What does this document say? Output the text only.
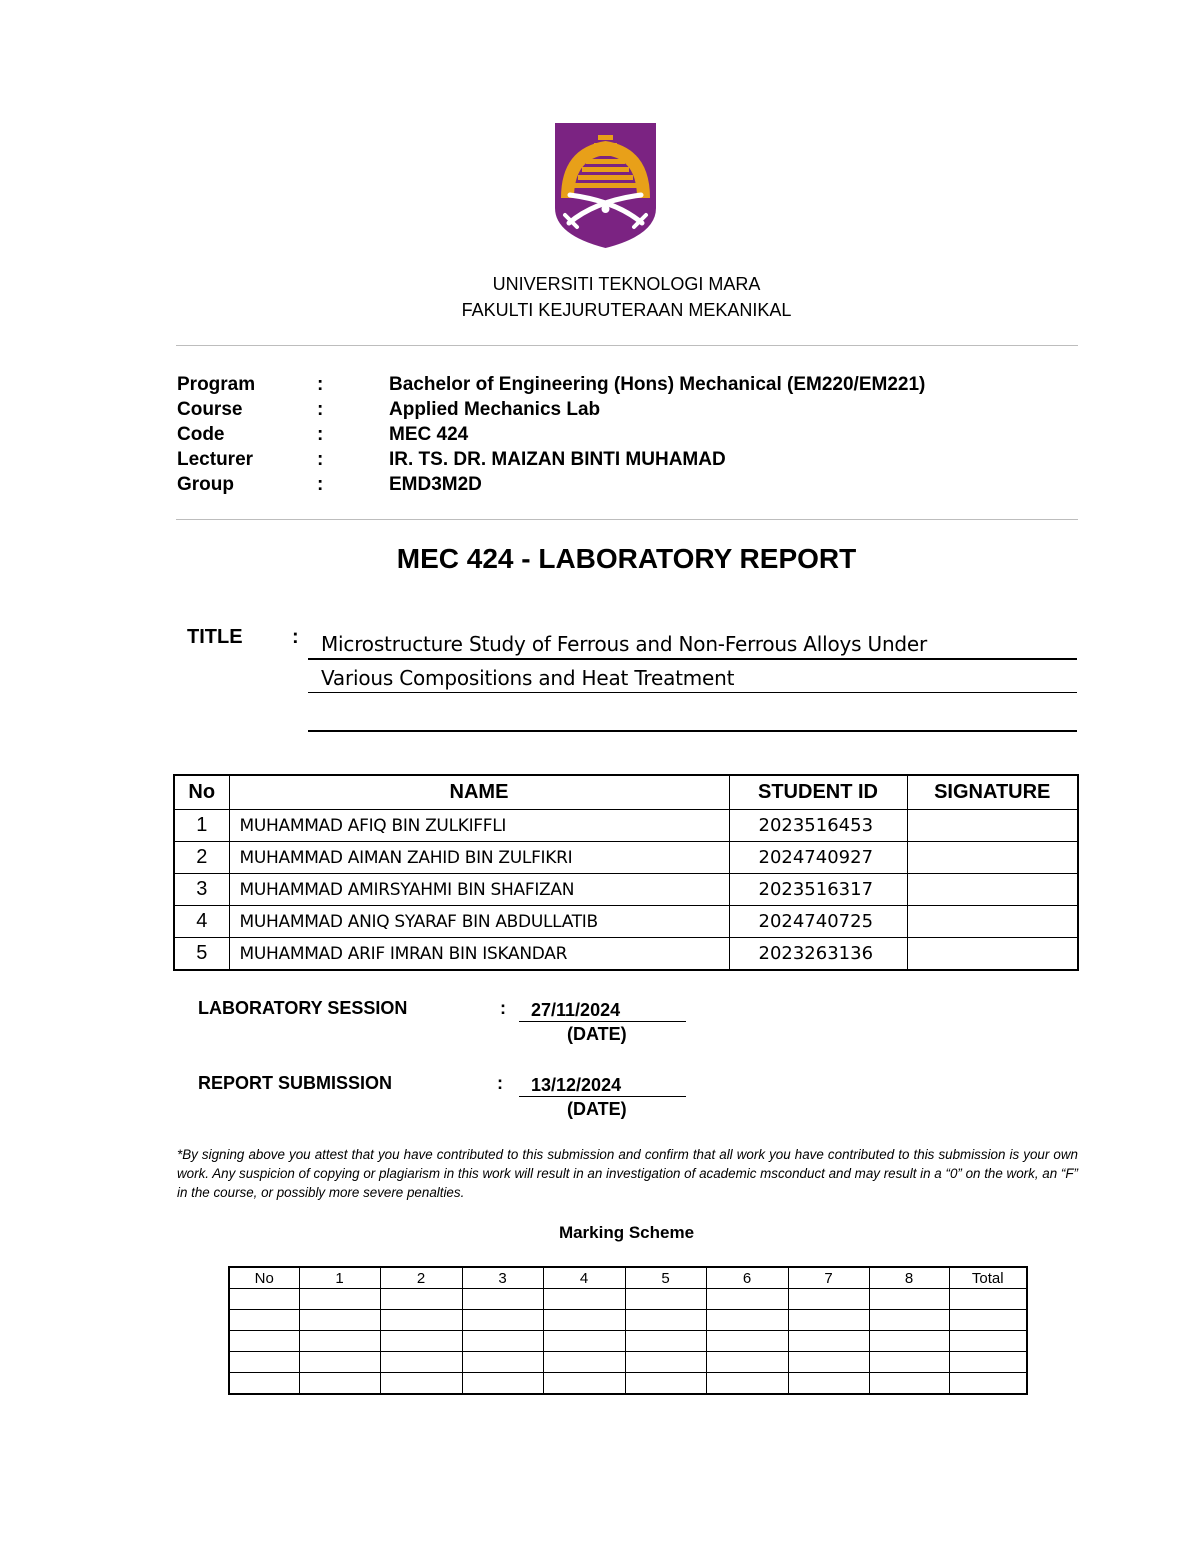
UNIVERSITI TEKNOLOGI MARA
FAKULTI KEJURUTERAAN MEKANIKAL
Program	:	Bachelor of Engineering (Hons) Mechanical (EM220/EM221)
Course	:	Applied Mechanics Lab
Code	:	MEC 424
Lecturer	:	IR. TS. DR. MAIZAN BINTI MUHAMAD
Group	:	EMD3M2D
MEC 424 - LABORATORY REPORT
TITLE : Microstructure Study of Ferrous and Non-Ferrous Alloys Under
Various Compositions and Heat Treatment
No	NAME	STUDENT ID	SIGNATURE
1	MUHAMMAD AFIQ BIN ZULKIFFLI	2023516453	
2	MUHAMMAD AIMAN ZAHID BIN ZULFIKRI	2024740927	
3	MUHAMMAD AMIRSYAHMI BIN SHAFIZAN	2023516317	
4	MUHAMMAD ANIQ SYARAF BIN ABDULLATIB	2024740725	
5	MUHAMMAD ARIF IMRAN BIN ISKANDAR	2023263136	
LABORATORY SESSION	: 27/11/2024
(DATE)
REPORT SUBMISSION	: 13/12/2024
(DATE)
*By signing above you attest that you have contributed to this submission and confirm that all work you have contributed to this submission is your own work. Any suspicion of copying or plagiarism in this work will result in an investigation of academic msconduct and may result in a “0” on the work, an “F” in the course, or possibly more severe penalties.
Marking Scheme
No	1	2	3	4	5	6	7	8	Total
